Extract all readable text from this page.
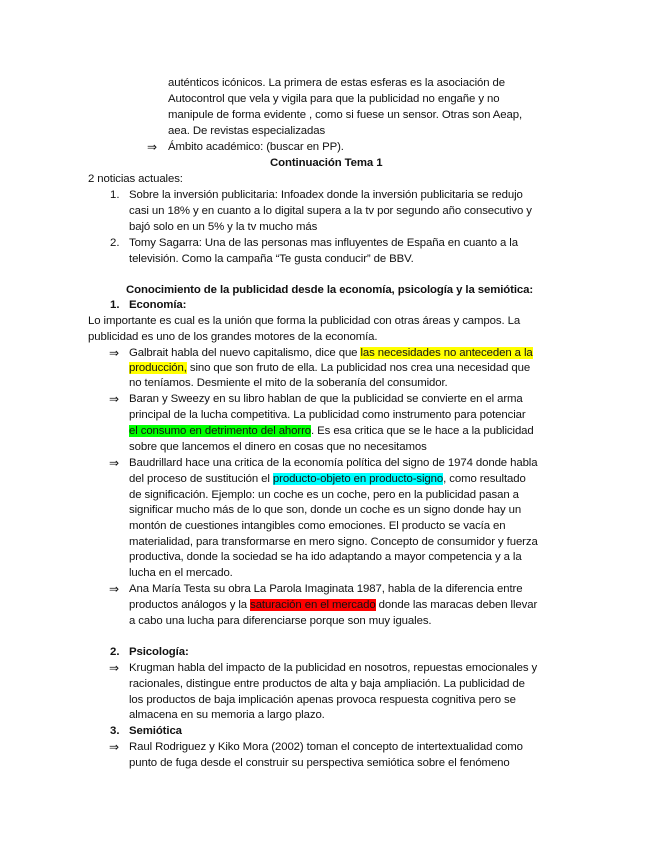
auténticos icónicos. La primera de estas esferas es la asociación de
Autocontrol que vela y vigila para que la publicidad no engañe y no
manipule de forma evidente , como si fuese un sensor. Otras son Aeap,
aea. De revistas especializadas
⇒ Ámbito académico: (buscar en PP).
Continuación Tema 1
2 noticias actuales:
1. Sobre la inversión publicitaria: Infoadex donde la inversión publicitaria se redujo
casi un 18% y en cuanto a lo digital supera a la tv por segundo año consecutivo y
bajó solo en un 5% y la tv mucho más
2. Tomy Sagarra: Una de las personas mas influyentes de España en cuanto a la
televisión. Como la campaña “Te gusta conducir” de BBV.
Conocimiento de la publicidad desde la economía, psicología y la semiótica:
1. Economía:
Lo importante es cual es la unión que forma la publicidad con otras áreas y campos. La
publicidad es uno de los grandes motores de la economía.
⇒ Galbrait habla del nuevo capitalismo, dice que las necesidades no anteceden a la
producción, sino que son fruto de ella. La publicidad nos crea una necesidad que
no teníamos. Desmiente el mito de la soberanía del consumidor.
⇒ Baran y Sweezy en su libro hablan de que la publicidad se convierte en el arma
principal de la lucha competitiva. La publicidad como instrumento para potenciar
el consumo en detrimento del ahorro. Es esa critica que se le hace a la publicidad
sobre que lancemos el dinero en cosas que no necesitamos
⇒ Baudrillard hace una critica de la economía política del signo de 1974 donde habla
del proceso de sustitución el producto-objeto en producto-signo, como resultado
de significación. Ejemplo: un coche es un coche, pero en la publicidad pasan a
significar mucho más de lo que son, donde un coche es un signo donde hay un
montón de cuestiones intangibles como emociones. El producto se vacía en
materialidad, para transformarse en mero signo. Concepto de consumidor y fuerza
productiva, donde la sociedad se ha ido adaptando a mayor competencia y a la
lucha en el mercado.
⇒ Ana María Testa su obra La Parola Imaginata 1987, habla de la diferencia entre
productos análogos y la saturación en el mercado donde las maracas deben llevar
a cabo una lucha para diferenciarse porque son muy iguales.
2. Psicología:
⇒ Krugman habla del impacto de la publicidad en nosotros, repuestas emocionales y
racionales, distingue entre productos de alta y baja ampliación. La publicidad de
los productos de baja implicación apenas provoca respuesta cognitiva pero se
almacena en su memoria a largo plazo.
3. Semiótica
⇒ Raul Rodriguez y Kiko Mora (2002) toman el concepto de intertextualidad como
punto de fuga desde el construir su perspectiva semiótica sobre el fenómeno
